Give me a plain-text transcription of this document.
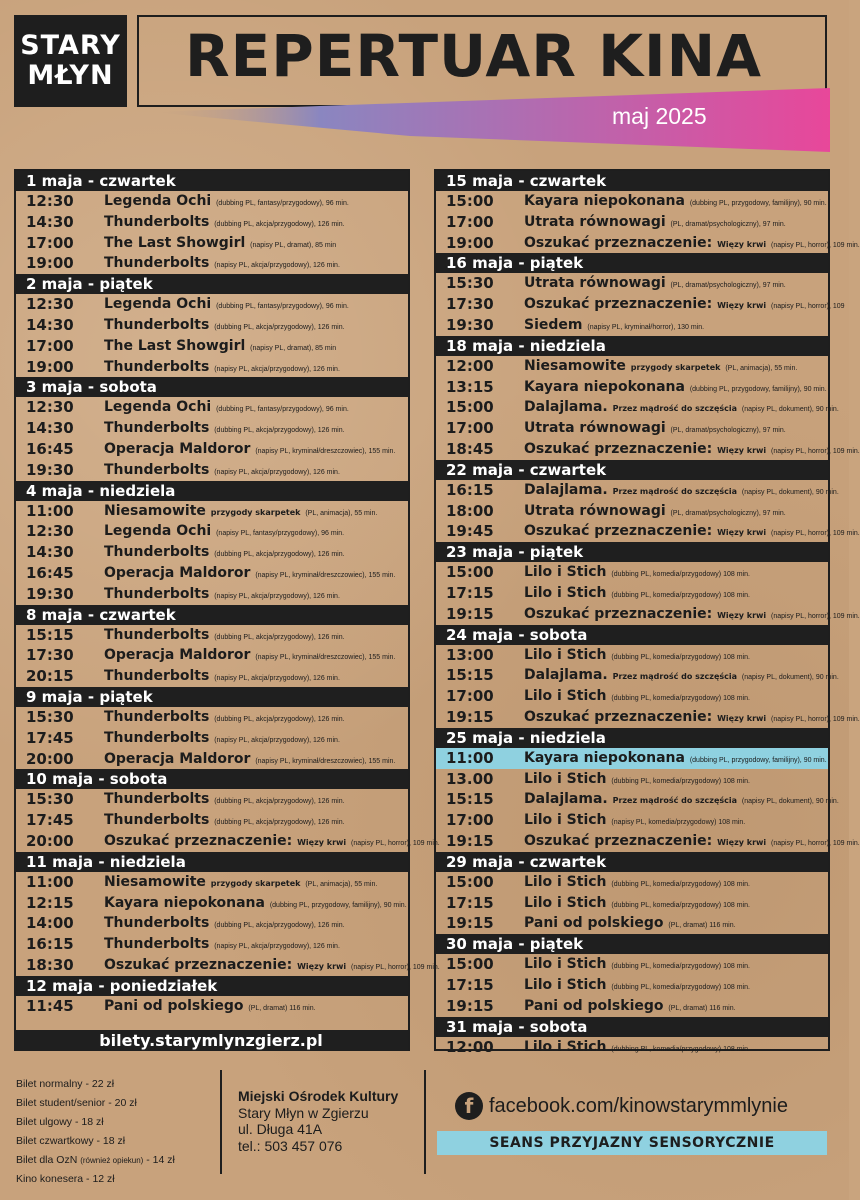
STARY
MŁYN REPERTUAR KINA
maj 2025
1 maja - czwartek
12:30 Legenda Ochi (dubbing PL, fantasy/przygodowy), 96 min.
14:30 Thunderbolts (dubbing PL, akcja/przygodowy), 126 min.
17:00 The Last Showgirl (napisy PL, dramat), 85 min
19:00 Thunderbolts (napisy PL, akcja/przygodowy), 126 min.
2 maja - piątek
12:30 Legenda Ochi (dubbing PL, fantasy/przygodowy), 96 min.
14:30 Thunderbolts (dubbing PL, akcja/przygodowy), 126 min.
17:00 The Last Showgirl (napisy PL, dramat), 85 min
19:00 Thunderbolts (napisy PL, akcja/przygodowy), 126 min.
3 maja - sobota
12:30 Legenda Ochi (dubbing PL, fantasy/przygodowy), 96 min.
14:30 Thunderbolts (dubbing PL, akcja/przygodowy), 126 min.
16:45 Operacja Maldoror (napisy PL, kryminał/dreszczowiec), 155 min.
19:30 Thunderbolts (napisy PL, akcja/przygodowy), 126 min.
4 maja - niedziela
11:00 Niesamowite przygody skarpetek (PL, animacja), 55 min.
12:30 Legenda Ochi (napisy PL, fantasy/przygodowy), 96 min.
14:30 Thunderbolts (dubbing PL, akcja/przygodowy), 126 min.
16:45 Operacja Maldoror (napisy PL, kryminał/dreszczowiec), 155 min.
19:30 Thunderbolts (napisy PL, akcja/przygodowy), 126 min.
8 maja - czwartek
15:15 Thunderbolts (dubbing PL, akcja/przygodowy), 126 min.
17:30 Operacja Maldoror (napisy PL, kryminał/dreszczowiec), 155 min.
20:15 Thunderbolts (napisy PL, akcja/przygodowy), 126 min.
9 maja - piątek
15:30 Thunderbolts (dubbing PL, akcja/przygodowy), 126 min.
17:45 Thunderbolts (napisy PL, akcja/przygodowy), 126 min.
20:00 Operacja Maldoror (napisy PL, kryminał/dreszczowiec), 155 min.
10 maja - sobota
15:30 Thunderbolts (dubbing PL, akcja/przygodowy), 126 min.
17:45 Thunderbolts (dubbing PL, akcja/przygodowy), 126 min.
20:00 Oszukać przeznaczenie: Więzy krwi (napisy PL, horror), 109 min.
11 maja - niedziela
11:00 Niesamowite przygody skarpetek (PL, animacja), 55 min.
12:15 Kayara niepokonana (dubbing PL, przygodowy, familijny), 90 min.
14:00 Thunderbolts (dubbing PL, akcja/przygodowy), 126 min.
16:15 Thunderbolts (napisy PL, akcja/przygodowy), 126 min.
18:30 Oszukać przeznaczenie: Więzy krwi (napisy PL, horror), 109 min.
12 maja - poniedziałek
11:45 Pani od polskiego (PL, dramat) 116 min.
15 maja - czwartek
15:00 Kayara niepokonana (dubbing PL, przygodowy, familijny), 90 min.
17:00 Utrata równowagi (PL, dramat/psychologiczny), 97 min.
19:00 Oszukać przeznaczenie: Więzy krwi (napisy PL, horror), 109 min.
16 maja - piątek
15:30 Utrata równowagi (PL, dramat/psychologiczny), 97 min.
17:30 Oszukać przeznaczenie: Więzy krwi (napisy PL, horror), 109
19:30 Siedem (napisy PL, kryminał/horror), 130 min.
18 maja - niedziela
12:00 Niesamowite przygody skarpetek (PL, animacja), 55 min.
13:15 Kayara niepokonana (dubbing PL, przygodowy, familijny), 90 min.
15:00 Dalajlama. Przez mądrość do szczęścia (napisy PL, dokument), 90 min.
17:00 Utrata równowagi (PL, dramat/psychologiczny), 97 min.
18:45 Oszukać przeznaczenie: Więzy krwi (napisy PL, horror), 109 min.
22 maja - czwartek
16:15 Dalajlama. Przez mądrość do szczęścia (napisy PL, dokument), 90 min.
18:00 Utrata równowagi (PL, dramat/psychologiczny), 97 min.
19:45 Oszukać przeznaczenie: Więzy krwi (napisy PL, horror), 109 min.
23 maja - piątek
15:00 Lilo i Stich (dubbing PL, komedia/przygodowy) 108 min.
17:15 Lilo i Stich (dubbing PL, komedia/przygodowy) 108 min.
19:15 Oszukać przeznaczenie: Więzy krwi (napisy PL, horror), 109 min.
24 maja - sobota
13:00 Lilo i Stich (dubbing PL, komedia/przygodowy) 108 min.
15:15 Dalajlama. Przez mądrość do szczęścia (napisy PL, dokument), 90 min.
17:00 Lilo i Stich (dubbing PL, komedia/przygodowy) 108 min.
19:15 Oszukać przeznaczenie: Więzy krwi (napisy PL, horror), 109 min.
25 maja - niedziela
11:00 Kayara niepokonana (dubbing PL, przygodowy, familijny), 90 min.
13.00 Lilo i Stich (dubbing PL, komedia/przygodowy) 108 min.
15:15 Dalajlama. Przez mądrość do szczęścia (napisy PL, dokument), 90 min.
17:00 Lilo i Stich (napisy PL, komedia/przygodowy) 108 min.
19:15 Oszukać przeznaczenie: Więzy krwi (napisy PL, horror), 109 min.
29 maja - czwartek
15:00 Lilo i Stich (dubbing PL, komedia/przygodowy) 108 min.
17:15 Lilo i Stich (dubbing PL, komedia/przygodowy) 108 min.
19:15 Pani od polskiego (PL, dramat) 116 min.
30 maja - piątek
15:00 Lilo i Stich (dubbing PL, komedia/przygodowy) 108 min.
17:15 Lilo i Stich (dubbing PL, komedia/przygodowy) 108 min.
19:15 Pani od polskiego (PL, dramat) 116 min.
31 maja - sobota
12:00 Lilo i Stich (dubbing PL, komedia/przygodowy) 108 min.
bilety.starymlynzgierz.pl
Bilet normalny - 22 zł
Bilet student/senior - 20 zł
Bilet ulgowy - 18 zł
Bilet czwartkowy - 18 zł
Bilet dla OzN (również opiekun) - 14 zł
Kino konesera - 12 zł
Miejski Ośrodek Kultury
Stary Młyn w Zgierzu
ul. Długa 41A
tel.: 503 457 076
f facebook.com/kinowstarymmlynie
SEANS PRZYJAZNY SENSORYCZNIE
